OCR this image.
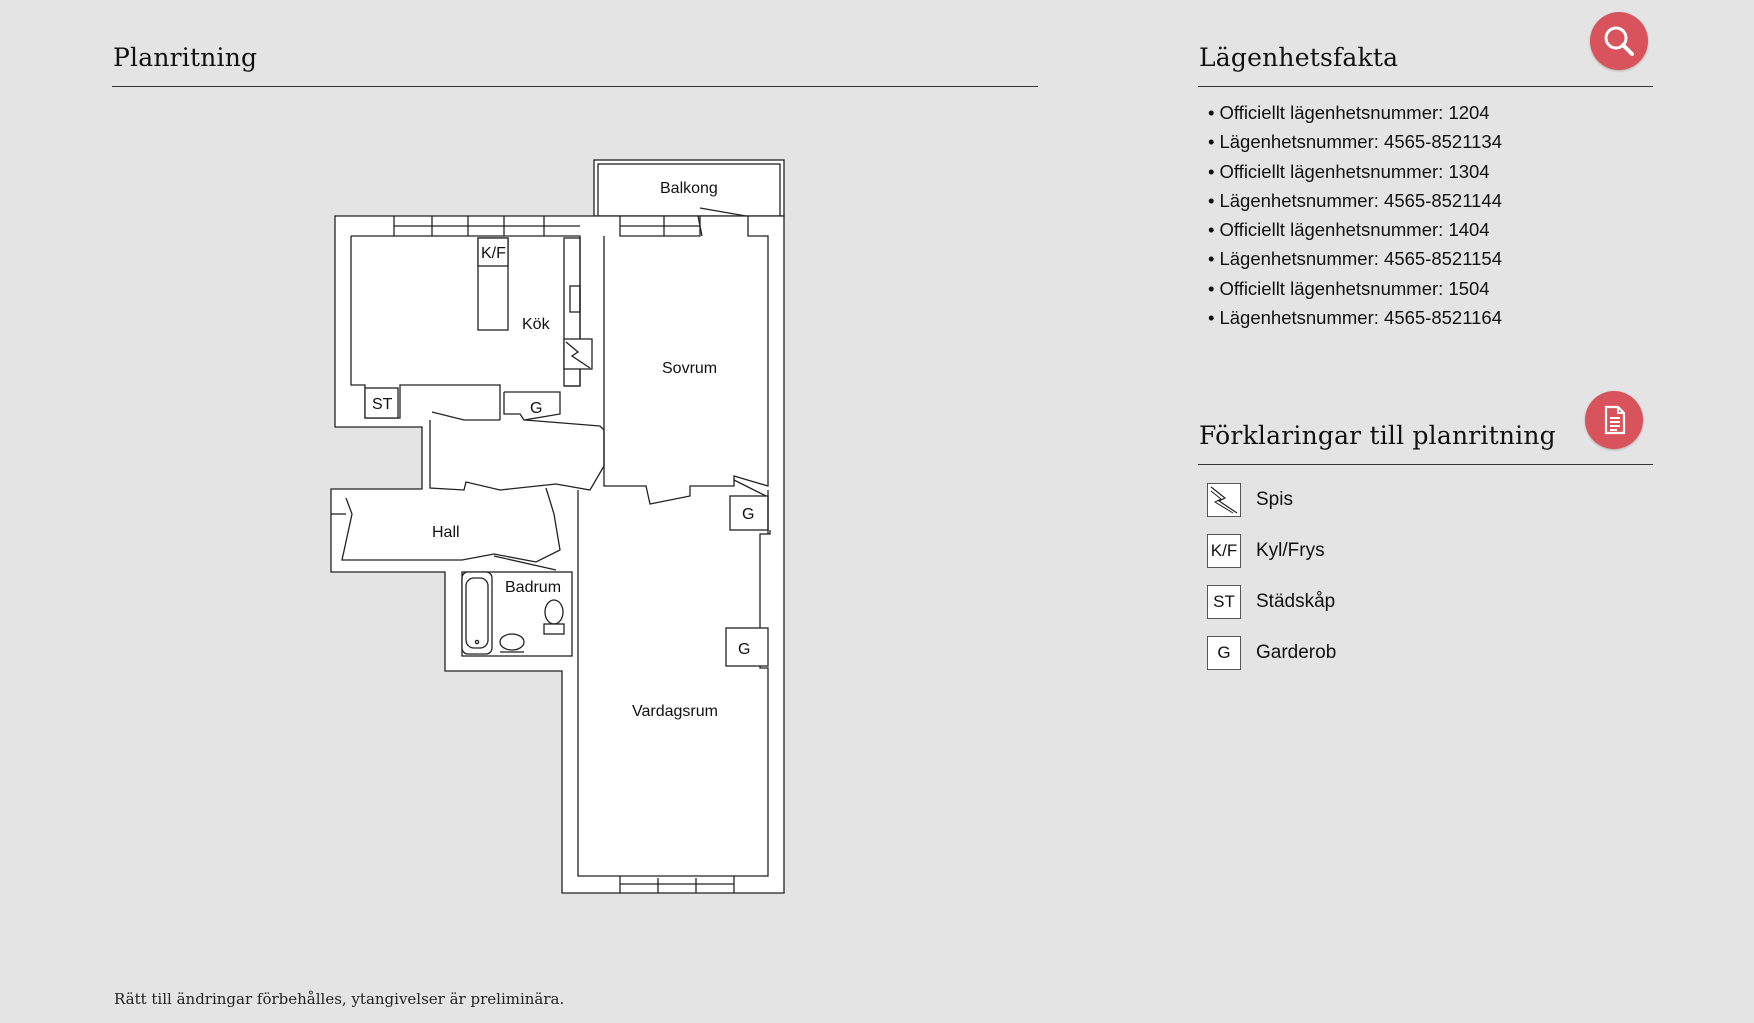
Planritning
Balkong
Kök
Sovrum
Hall
Badrum
Vardagsrum
K/F
ST	G
G
G
Lägenhetsfakta
• Officiellt lägenhetsnummer: 1204
• Lägenhetsnummer: 4565-8521134
• Officiellt lägenhetsnummer: 1304
• Lägenhetsnummer: 4565-8521144
• Officiellt lägenhetsnummer: 1404
• Lägenhetsnummer: 4565-8521154
• Officiellt lägenhetsnummer: 1504
• Lägenhetsnummer: 4565-8521164
Förklaringar till planritning
Spis
K/F Kyl/Frys
ST	Städskåp
G	Garderob
Rätt till ändringar förbehålles, ytangivelser är preliminära.
